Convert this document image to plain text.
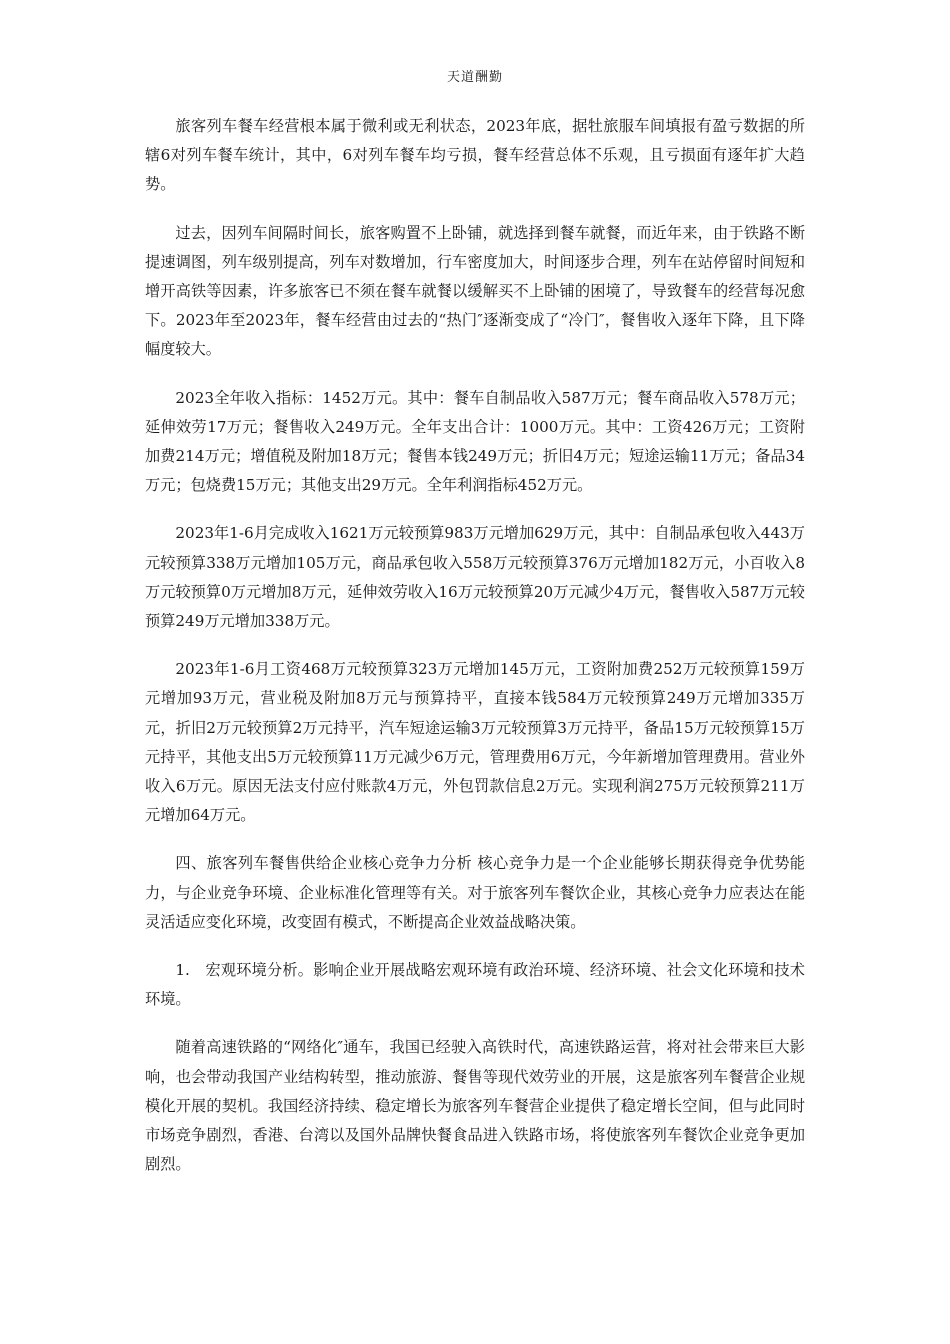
天道酬勤

旅客列车餐车经营根本属于微利或无利状态，2023年底，据牡旅服车间填报有盈亏数据的所辖6对列车餐车统计，其中，6对列车餐车均亏损，餐车经营总体不乐观，且亏损面有逐年扩大趋势。

过去，因列车间隔时间长，旅客购置不上卧铺，就选择到餐车就餐，而近年来，由于铁路不断提速调图，列车级别提高，列车对数增加，行车密度加大，时间逐步合理，列车在站停留时间短和增开高铁等因素，许多旅客已不须在餐车就餐以缓解买不上卧铺的困境了，导致餐车的经营每况愈下。2023年至2023年，餐车经营由过去的“热门″逐渐变成了“冷门″，餐售收入逐年下降，且下降幅度较大。

2023全年收入指标：1452万元。其中：餐车自制品收入587万元；餐车商品收入578万元；延伸效劳17万元；餐售收入249万元。全年支出合计：1000万元。其中：工资426万元；工资附加费214万元；增值税及附加18万元；餐售本钱249万元；折旧4万元；短途运输11万元；备品34万元；包烧费15万元；其他支出29万元。全年利润指标452万元。

2023年1-6月完成收入1621万元较预算983万元增加629万元，其中：自制品承包收入443万元较预算338万元增加105万元，商品承包收入558万元较预算376万元增加182万元，小百收入8万元较预算0万元增加8万元，延伸效劳收入16万元较预算20万元减少4万元，餐售收入587万元较预算249万元增加338万元。

2023年1-6月工资468万元较预算323万元增加145万元，工资附加费252万元较预算159万元增加93万元，营业税及附加8万元与预算持平，直接本钱584万元较预算249万元增加335万元，折旧2万元较预算2万元持平，汽车短途运输3万元较预算3万元持平，备品15万元较预算15万元持平，其他支出5万元较预算11万元减少6万元，管理费用6万元，今年新增加管理费用。营业外收入6万元。原因无法支付应付账款4万元，外包罚款信息2万元。实现利润275万元较预算211万元增加64万元。

四、旅客列车餐售供给企业核心竞争力分析 核心竞争力是一个企业能够长期获得竞争优势能力，与企业竞争环境、企业标准化管理等有关。对于旅客列车餐饮企业，其核心竞争力应表达在能灵活适应变化环境，改变固有模式，不断提高企业效益战略决策。

1.　宏观环境分析。影响企业开展战略宏观环境有政治环境、经济环境、社会文化环境和技术环境。

随着高速铁路的“网络化″通车，我国已经驶入高铁时代，高速铁路运营，将对社会带来巨大影响，也会带动我国产业结构转型，推动旅游、餐售等现代效劳业的开展，这是旅客列车餐营企业规模化开展的契机。我国经济持续、稳定增长为旅客列车餐营企业提供了稳定增长空间，但与此同时市场竞争剧烈，香港、台湾以及国外品牌快餐食品进入铁路市场，将使旅客列车餐饮企业竞争更加剧烈。
